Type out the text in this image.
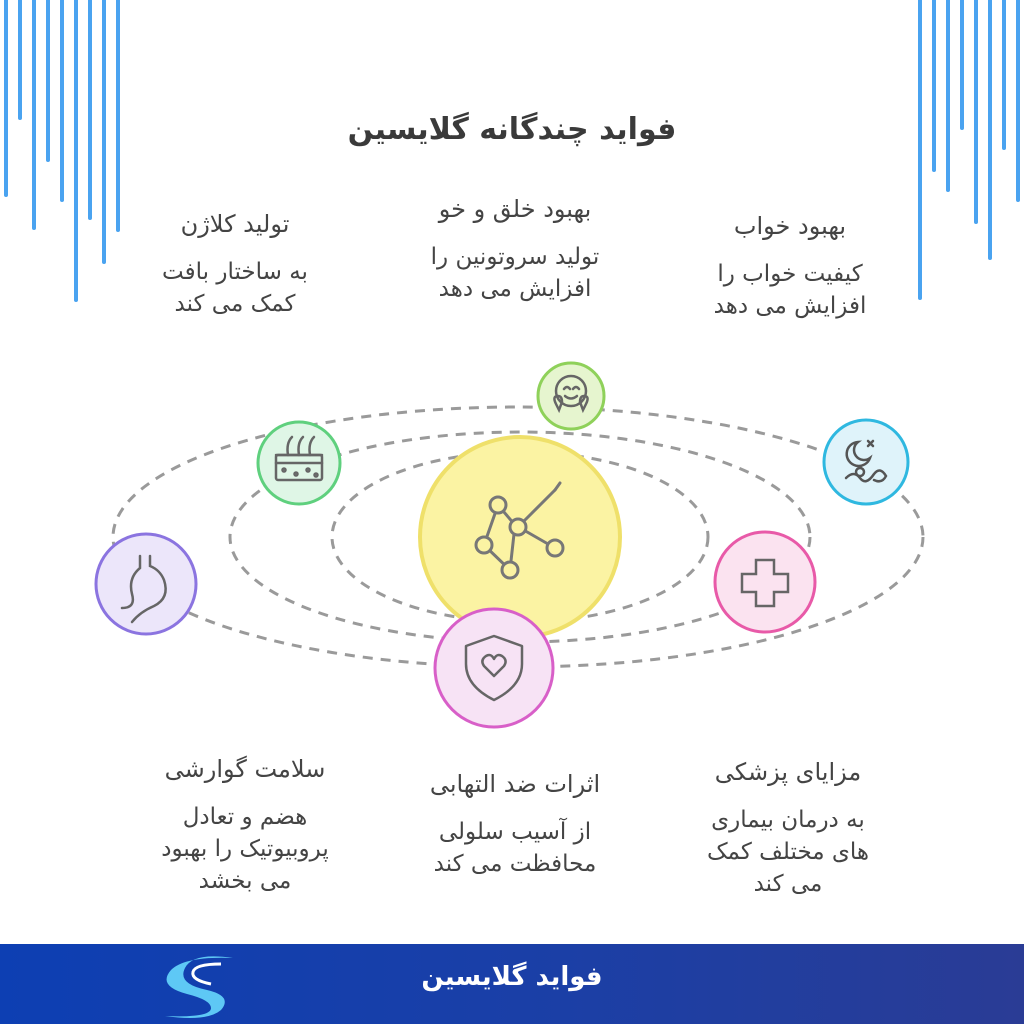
فواید چندگانه گلایسین
تولید کلاژن
به ساختار بافت
کمک می کند
بهبود خلق و خو
تولید سروتونین را
افزایش می دهد
بهبود خواب
کیفیت خواب را
افزایش می دهد
سلامت گوارشی
هضم و تعادل
پروبیوتیک را بهبود
می بخشد
اثرات ضد التهابی
از آسیب سلولی
محافظت می کند
مزایای پزشکی
به درمان بیماری
های مختلف کمک
می کند
فواید گلایسین
